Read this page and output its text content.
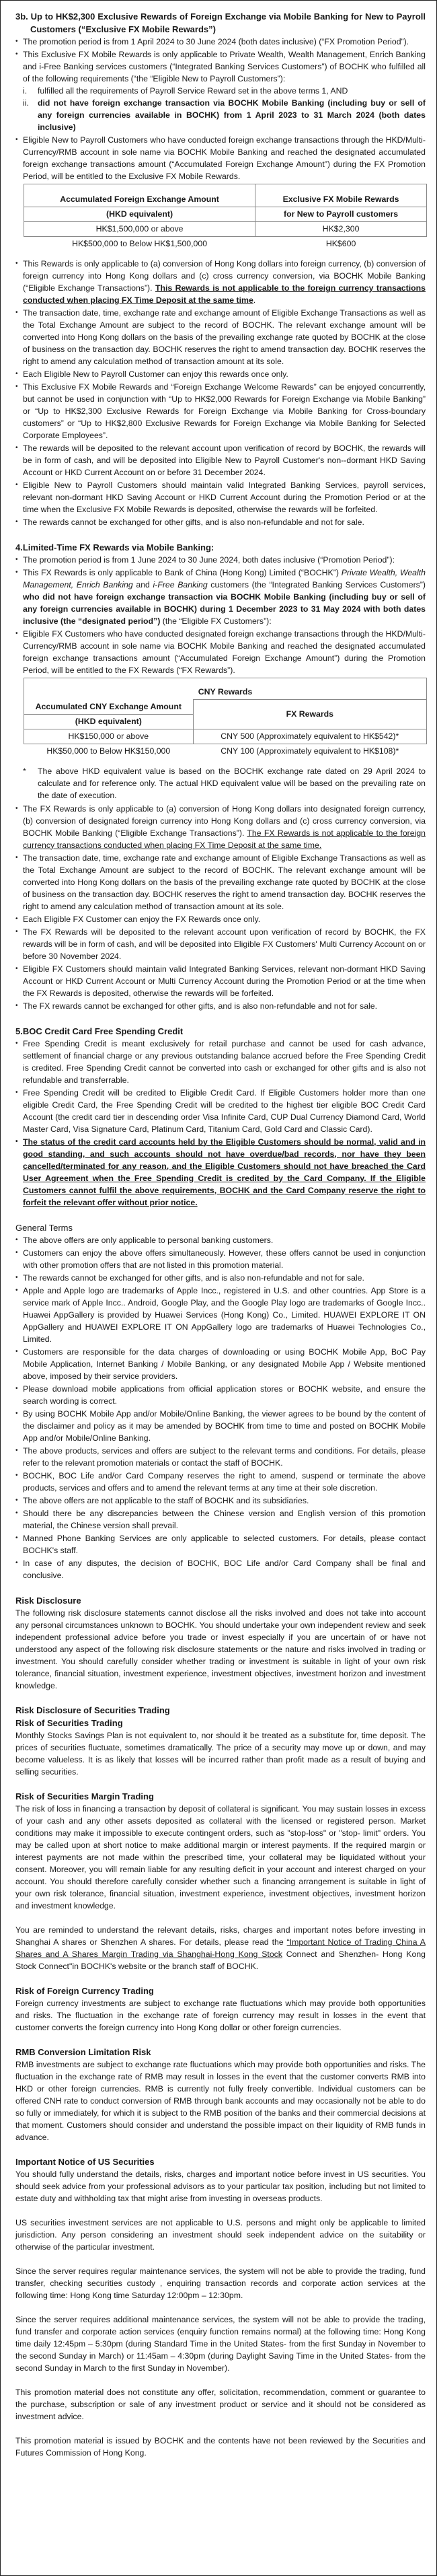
3b. Up to HK$2,300 Exclusive Rewards of Foreign Exchange via Mobile Banking for New to Payroll Customers (“Exclusive FX Mobile Rewards”)
• The promotion period is from 1 April 2024 to 30 June 2024 (both dates inclusive) (“FX Promotion Period”).
• This Exclusive FX Mobile Rewards is only applicable to Private Wealth, Wealth Management, Enrich Banking and i-Free Banking services customers (“Integrated Banking Services Customers”) of BOCHK who fulfilled all of the following requirements (“the “Eligible New to Payroll Customers”):
i. fulfilled all the requirements of Payroll Service Reward set in the above terms 1, AND
ii. did not have foreign exchange transaction via BOCHK Mobile Banking (including buy or sell of any foreign currencies available in BOCHK) from 1 April 2023 to 31 March 2024 (both dates inclusive)
• Eligible New to Payroll Customers who have conducted foreign exchange transactions through the HKD/Multi-Currency/RMB account in sole name via BOCHK Mobile Banking and reached the designated accumulated foreign exchange transactions amount (“Accumulated Foreign Exchange Amount”) during the FX Promotion Period, will be entitled to the Exclusive FX Mobile Rewards.
Accumulated Foreign Exchange Amount	Exclusive FX Mobile Rewards
(HKD equivalent)	for New to Payroll customers
HK$1,500,000 or above	HK$2,300
HK$500,000 to Below HK$1,500,000	HK$600
• This Rewards is only applicable to (a) conversion of Hong Kong dollars into foreign currency, (b) conversion of foreign currency into Hong Kong dollars and (c) cross currency conversion, via BOCHK Mobile Banking (“Eligible Exchange Transactions”). This Rewards is not applicable to the foreign currency transactions conducted when placing FX Time Deposit at the same time.
• The transaction date, time, exchange rate and exchange amount of Eligible Exchange Transactions as well as the Total Exchange Amount are subject to the record of BOCHK. The relevant exchange amount will be converted into Hong Kong dollars on the basis of the prevailing exchange rate quoted by BOCHK at the close of business on the transaction day. BOCHK reserves the right to amend transaction day. BOCHK reserves the right to amend any calculation method of transaction amount at its sole.
• Each Eligible New to Payroll Customer can enjoy this rewards once only.
• This Exclusive FX Mobile Rewards and “Foreign Exchange Welcome Rewards” can be enjoyed concurrently, but cannot be used in conjunction with “Up to HK$2,000 Rewards for Foreign Exchange via Mobile Banking” or “Up to HK$2,300 Exclusive Rewards for Foreign Exchange via Mobile Banking for Cross-boundary customers” or “Up to HK$2,800 Exclusive Rewards for Foreign Exchange via Mobile Banking for Selected Corporate Employees”.
• The rewards will be deposited to the relevant account upon verification of record by BOCHK, the rewards will be in form of cash, and will be deposited into Eligible New to Payroll Customer's non--dormant HKD Saving Account or HKD Current Account on or before 31 December 2024.
• Eligible New to Payroll Customers should maintain valid Integrated Banking Services, payroll services, relevant non-dormant HKD Saving Account or HKD Current Account during the Promotion Period or at the time when the Exclusive FX Mobile Rewards is deposited, otherwise the rewards will be forfeited.
• The rewards cannot be exchanged for other gifts, and is also non-refundable and not for sale.
4.Limited-Time FX Rewards via Mobile Banking:
• The promotion period is from 1 June 2024 to 30 June 2024, both dates inclusive (“Promotion Period”):
• This FX Rewards is only applicable to Bank of China (Hong Kong) Limited (“BOCHK”) Private Wealth, Wealth Management, Enrich Banking and i-Free Banking customers (the “Integrated Banking Services Customers”) who did not have foreign exchange transaction via BOCHK Mobile Banking (including buy or sell of any foreign currencies available in BOCHK) during 1 December 2023 to 31 May 2024 with both dates inclusive (the “designated period”) (the “Eligible FX Customers”):
• Eligible FX Customers who have conducted designated foreign exchange transactions through the HKD/Multi-Currency/RMB account in sole name via BOCHK Mobile Banking and reached the designated accumulated foreign exchange transactions amount (“Accumulated Foreign Exchange Amount”) during the Promotion Period, will be entitled to the FX Rewards (“FX Rewards”).
CNY Rewards	
Accumulated CNY Exchange Amount	FX Rewards
(HKD equivalent)	
HK$150,000 or above	CNY 500 (Approximately equivalent to HK$542)*
HK$50,000 to Below HK$150,000	CNY 100 (Approximately equivalent to HK$108)*
* The above HKD equivalent value is based on the BOCHK exchange rate dated on 29 April 2024 to calculate and for reference only. The actual HKD equivalent value will be based on the prevailing rate on the date of execution.
• The FX Rewards is only applicable to (a) conversion of Hong Kong dollars into designated foreign currency, (b) conversion of designated foreign currency into Hong Kong dollars and (c) cross currency conversion, via BOCHK Mobile Banking (“Eligible Exchange Transactions”). The FX Rewards is not applicable to the foreign currency transactions conducted when placing FX Time Deposit at the same time.
• The transaction date, time, exchange rate and exchange amount of Eligible Exchange Transactions as well as the Total Exchange Amount are subject to the record of BOCHK. The relevant exchange amount will be converted into Hong Kong dollars on the basis of the prevailing exchange rate quoted by BOCHK at the close of business on the transaction day. BOCHK reserves the right to amend transaction day. BOCHK reserves the right to amend any calculation method of transaction amount at its sole.
• Each Eligible FX Customer can enjoy the FX Rewards once only.
• The FX Rewards will be deposited to the relevant account upon verification of record by BOCHK, the FX rewards will be in form of cash, and will be deposited into Eligible FX Customers' Multi Currency Account on or before 30 November 2024.
• Eligible FX Customers should maintain valid Integrated Banking Services, relevant non-dormant HKD Saving Account or HKD Current Account or Multi Currency Account during the Promotion Period or at the time when the FX Rewards is deposited, otherwise the rewards will be forfeited.
• The FX rewards cannot be exchanged for other gifts, and is also non-refundable and not for sale.
5.BOC Credit Card Free Spending Credit
• Free Spending Credit is meant exclusively for retail purchase and cannot be used for cash advance, settlement of financial charge or any previous outstanding balance accrued before the Free Spending Credit is credited. Free Spending Credit cannot be converted into cash or exchanged for other gifts and is also not refundable and transferrable.
• Free Spending Credit will be credited to Eligible Credit Card. If Eligible Customers holder more than one eligible Credit Card, the Free Spending Credit will be credited to the highest tier eligible BOC Credit Card Account (the credit card tier in descending order Visa Infinite Card, CUP Dual Currency Diamond Card, World Master Card, Visa Signature Card, Platinum Card, Titanium Card, Gold Card and Classic Card).
• The status of the credit card accounts held by the Eligible Customers should be normal, valid and in good standing, and such accounts should not have overdue/bad records, nor have they been cancelled/terminated for any reason, and the Eligible Customers should not have breached the Card User Agreement when the Free Spending Credit is credited by the Card Company. If the Eligible Customers cannot fulfil the above requirements, BOCHK and the Card Company reserve the right to forfeit the relevant offer without prior notice.
General Terms
• The above offers are only applicable to personal banking customers.
• Customers can enjoy the above offers simultaneously. However, these offers cannot be used in conjunction with other promotion offers that are not listed in this promotion material.
• The rewards cannot be exchanged for other gifts, and is also non-refundable and not for sale.
• Apple and Apple logo are trademarks of Apple Incc., registered in U.S. and other countries. App Store is a service mark of Apple Incc.. Android, Google Play, and the Google Play logo are trademarks of Google Incc.. Huawei AppGallery is provided by Huawei Services (Hong Kong) Co., Limited. HUAWEI EXPLORE IT ON AppGallery and HUAWEI EXPLORE IT ON AppGallery logo are trademarks of Huawei Technologies Co., Limited.
• Customers are responsible for the data charges of downloading or using BOCHK Mobile App, BoC Pay Mobile Application, Internet Banking / Mobile Banking, or any designated Mobile App / Website mentioned above, imposed by their service providers.
• Please download mobile applications from official application stores or BOCHK website, and ensure the search wording is correct.
• By using BOCHK Mobile App and/or Mobile/Online Banking, the viewer agrees to be bound by the content of the disclaimer and policy as it may be amended by BOCHK from time to time and posted on BOCHK Mobile App and/or Mobile/Online Banking.
• The above products, services and offers are subject to the relevant terms and conditions. For details, please refer to the relevant promotion materials or contact the staff of BOCHK.
• BOCHK, BOC Life and/or Card Company reserves the right to amend, suspend or terminate the above products, services and offers and to amend the relevant terms at any time at their sole discretion.
• The above offers are not applicable to the staff of BOCHK and its subsidiaries.
• Should there be any discrepancies between the Chinese version and English version of this promotion material, the Chinese version shall prevail.
• Manned Phone Banking Services are only applicable to selected customers. For details, please contact BOCHK's staff.
• In case of any disputes, the decision of BOCHK, BOC Life and/or Card Company shall be final and conclusive.
Risk Disclosure

The following risk disclosure statements cannot disclose all the risks involved and does not take into account any personal circumstances unknown to BOCHK. You should undertake your own independent review and seek independent professional advice before you trade or invest especially if you are uncertain of or have not understood any aspect of the following risk disclosure statements or the nature and risks involved in trading or investment. You should carefully consider whether trading or investment is suitable in light of your own risk tolerance, financial situation, investment experience, investment objectives, investment horizon and investment knowledge.

Risk Disclosure of Securities Trading
Risk of Securities Trading

Monthly Stocks Savings Plan is not equivalent to, nor should it be treated as a substitute for, time deposit. The prices of securities fluctuate, sometimes dramatically. The price of a security may move up or down, and may become valueless. It is as likely that losses will be incurred rather than profit made as a result of buying and selling securities.

Risk of Securities Margin Trading

The risk of loss in financing a transaction by deposit of collateral is significant. You may sustain losses in excess of your cash and any other assets deposited as collateral with the licensed or registered person. Market conditions may make it impossible to execute contingent orders, such as "stop-loss" or "stop- limit" orders. You may be called upon at short notice to make additional margin or interest payments. If the required margin or interest payments are not made within the prescribed time, your collateral may be liquidated without your consent. Moreover, you will remain liable for any resulting deficit in your account and interest charged on your account. You should therefore carefully consider whether such a financing arrangement is suitable in light of your own risk tolerance, financial situation, investment experience, investment objectives, investment horizon and investment knowledge.

You are reminded to understand the relevant details, risks, charges and important notes before investing in Shanghai A shares or Shenzhen A shares. For details, please read the “Important Notice of Trading China A Shares and A Shares Margin Trading via Shanghai-Hong Kong Stock Connect and Shenzhen- Hong Kong Stock Connect"in BOCHK's website or the branch staff of BOCHK.

Risk of Foreign Currency Trading

Foreign currency investments are subject to exchange rate fluctuations which may provide both opportunities and risks. The fluctuation in the exchange rate of foreign currency may result in losses in the event that customer converts the foreign currency into Hong Kong dollar or other foreign currencies.

RMB Conversion Limitation Risk

RMB investments are subject to exchange rate fluctuations which may provide both opportunities and risks. The fluctuation in the exchange rate of RMB may result in losses in the event that the customer converts RMB into HKD or other foreign currencies. RMB is currently not fully freely convertible. Individual customers can be offered CNH rate to conduct conversion of RMB through bank accounts and may occasionally not be able to do so fully or immediately, for which it is subject to the RMB position of the banks and their commercial decisions at that moment. Customers should consider and understand the possible impact on their liquidity of RMB funds in advance.

Important Notice of US Securities

You should fully understand the details, risks, charges and important notice before invest in US securities. You should seek advice from your professional advisors as to your particular tax position, including but not limited to estate duty and withholding tax that might arise from investing in overseas products.

US securities investment services are not applicable to U.S. persons and might only be applicable to limited jurisdiction. Any person considering an investment should seek independent advice on the suitability or otherwise of the particular investment.

Since the server requires regular maintenance services, the system will not be able to provide the trading, fund transfer, checking securities custody , enquiring transaction records and corporate action services at the following time: Hong Kong time Saturday 12:00pm – 12:30pm.

Since the server requires additional maintenance services, the system will not be able to provide the trading, fund transfer and corporate action services (enquiry function remains normal) at the following time: Hong Kong time daily 12:45pm – 5:30pm (during Standard Time in the United States- from the first Sunday in November to the second Sunday in March) or 11:45am – 4:30pm (during Daylight Saving Time in the United States- from the second Sunday in March to the first Sunday in November).

This promotion material does not constitute any offer, solicitation, recommendation, comment or guarantee to the purchase, subscription or sale of any investment product or service and it should not be considered as investment advice.

This promotion material is issued by BOCHK and the contents have not been reviewed by the Securities and Futures Commission of Hong Kong.
